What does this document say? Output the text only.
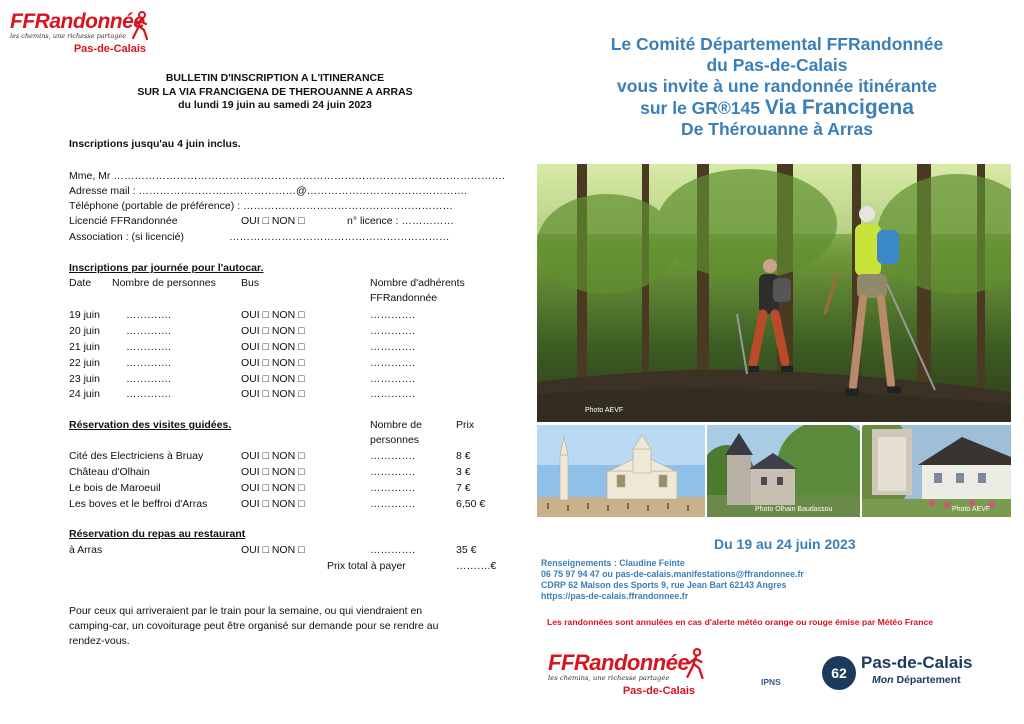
FFRandonnée
les chemins, une richesse partagée
Pas-de-Calais
BULLETIN D'INSCRIPTION A L'ITINERANCE
SUR LA VIA FRANCIGENA DE THEROUANNE A ARRAS
du lundi 19 juin au samedi 24 juin 2023
Inscriptions jusqu'au 4 juin inclus.
Mme, Mr ………………………………………………………………………………………………….
Adresse mail : ………………………………………@……………………………………….
Téléphone (portable de préférence) : ……………………………………………………
Licencié FFRandonnée	OUI □ NON □	n° licence : ……………
Association : (si licencié)	………………………………………………………
Inscriptions par journée pour l'autocar.
Date Nombre de personnes Bus	Nombre d'adhérents
FFRandonnée
19 juin ………….	OUI □ NON □	………….
20 juin ………….	OUI □ NON □	………….
21 juin ………….	OUI □ NON □	………….
22 juin ………….	OUI □ NON □	………….
23 juin ………….	OUI □ NON □	………….
24 juin ………….	OUI □ NON □	………….
Réservation des visites guidées.	Nombre de
personnes
Prix
Cité des Electriciens à Bruay	OUI □ NON □	………….	8 €
Château d'Olhain	OUI □ NON □	………….	3 €
Le bois de Maroeuil	OUI □ NON □	………….	7 €
Les boves et le beffroi d'Arras	OUI □ NON □	………….	6,50 €
Réservation du repas au restaurant
à Arras	OUI □ NON □	………….	35 €
Prix total à payer	……….€
Pour ceux qui arriveraient par le train pour la semaine, ou qui viendraient en
camping-car, un covoiturage peut être organisé sur demande pour se rendre au
rendez-vous.
Le Comité Départemental FFRandonnée
du Pas-de-Calais
vous invite à une randonnée itinérante
sur le GR®145 Via Francigena
De Thérouanne à Arras
Photo AEVF
Photo Olhain Baudassou	Photo AEVF
Du 19 au 24 juin 2023
Renseignements : Claudine Feinte
06 75 97 94 47 ou pas-de-calais.manifestations@ffrandonnee.fr
CDRP 62 Maison des Sports 9, rue Jean Bart 62143 Angres
https://pas-de-calais.ffrandonnee.fr
Les randonnées sont annulées en cas d'alerte météo orange ou rouge émise par Météo France
FFRandonnée
les chemins, une richesse partagée
Pas-de-Calais
IPNS
62
Pas-de-Calais
Mon Département
